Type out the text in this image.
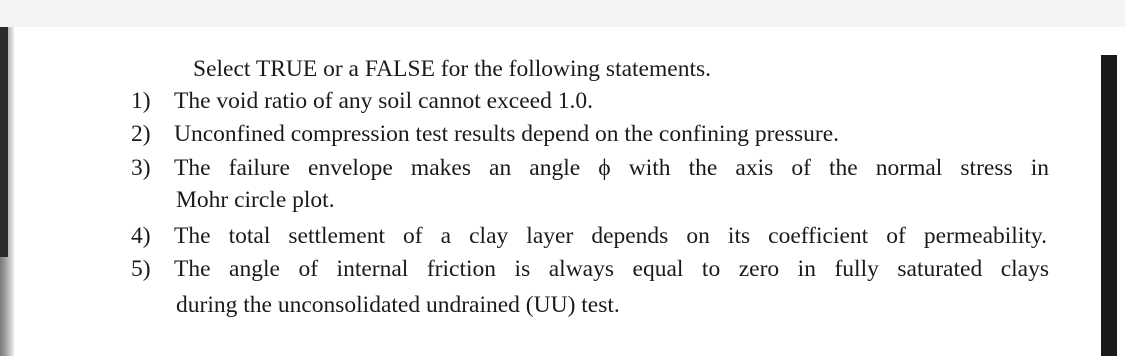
Select TRUE or a FALSE for the following statements.
1) The void ratio of any soil cannot exceed 1.0.
2) Unconfined compression test results depend on the confining pressure.
3) The failure envelope makes an angle ϕ with the axis of the normal stress in
Mohr circle plot.
4) The total settlement of a clay layer depends on its coefficient of permeability.
5) The angle of internal friction is always equal to zero in fully saturated clays
during the unconsolidated undrained (UU) test.
